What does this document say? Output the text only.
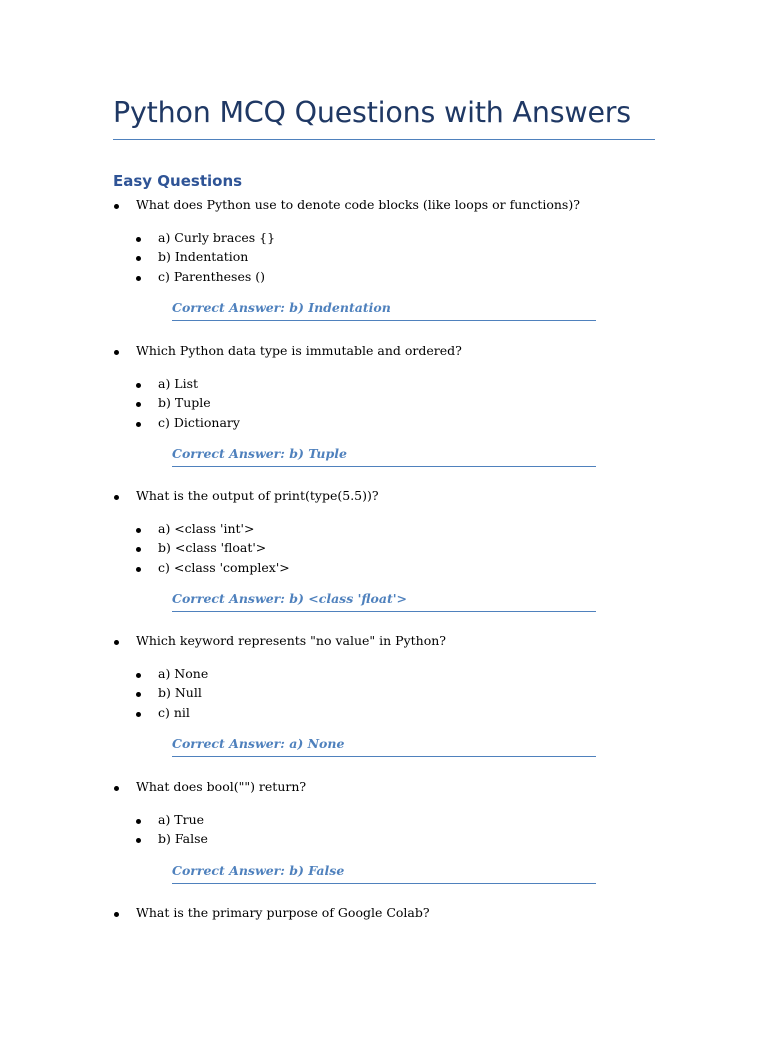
Python MCQ Questions with Answers
Easy Questions
What does Python use to denote code blocks (like loops or functions)?
a) Curly braces {}
b) Indentation
c) Parentheses ()
Correct Answer: b) Indentation
Which Python data type is immutable and ordered?
a) List
b) Tuple
c) Dictionary
Correct Answer: b) Tuple
What is the output of print(type(5.5))?
a) <class 'int'>
b) <class 'float'>
c) <class 'complex'>
Correct Answer: b) <class 'float'>
Which keyword represents "no value" in Python?
a) None
b) Null
c) nil
Correct Answer: a) None
What does bool("") return?
a) True
b) False
Correct Answer: b) False
What is the primary purpose of Google Colab?
